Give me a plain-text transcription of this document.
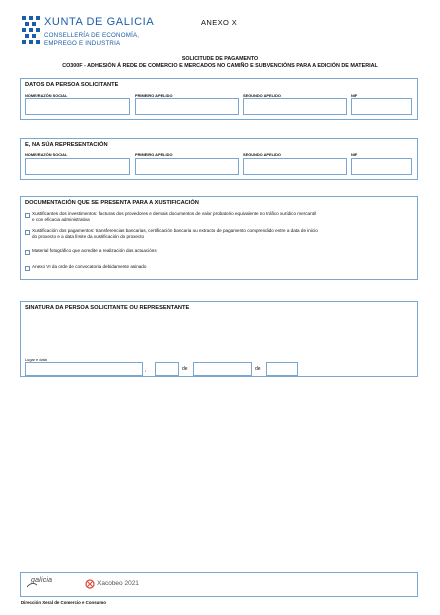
XUNTA DE GALICIA
CONSELLERÍA DE ECONOMÍA,
EMPREGO E INDUSTRIA
ANEXO X
SOLICITUDE DE PAGAMENTO
CO300F - ADHESIÓN Á REDE DE COMERCIO E MERCADOS NO CAMIÑO E SUBVENCIÓNS PARA A EDICIÓN DE MATERIAL
DATOS DA PERSOA SOLICITANTE
NOME/RAZÓN SOCIAL	PRIMEIRO APELIDO	SEGUNDO APELIDO	NIF
E, NA SÚA REPRESENTACIÓN
NOME/RAZÓN SOCIAL	PRIMEIRO APELIDO	SEGUNDO APELIDO	NIF
DOCUMENTACIÓN QUE SE PRESENTA PARA A XUSTIFICACIÓN
Xustificantes dos investimentos: facturas dos provedores e demais documentos de valor probatorio equivalente no tráfico xurídico mercantil
e con eficacia administrativa
Xustificación dos pagamentos: transferencias bancarias, certificación bancaria ou extracto de pagamento comprendido entre a data de inicio
do proxecto e a data límite da xustificación do proxecto
Material fotográfico que acredite a realización das actuacións
Anexo VI da orde de convocatoria debidamente asinado
SINATURA DA PERSOA SOLICITANTE OU REPRESENTANTE
Lugar e data
,	de	de
galicia	Xacobeo 2021
Dirección Xeral de Comercio e Consumo
